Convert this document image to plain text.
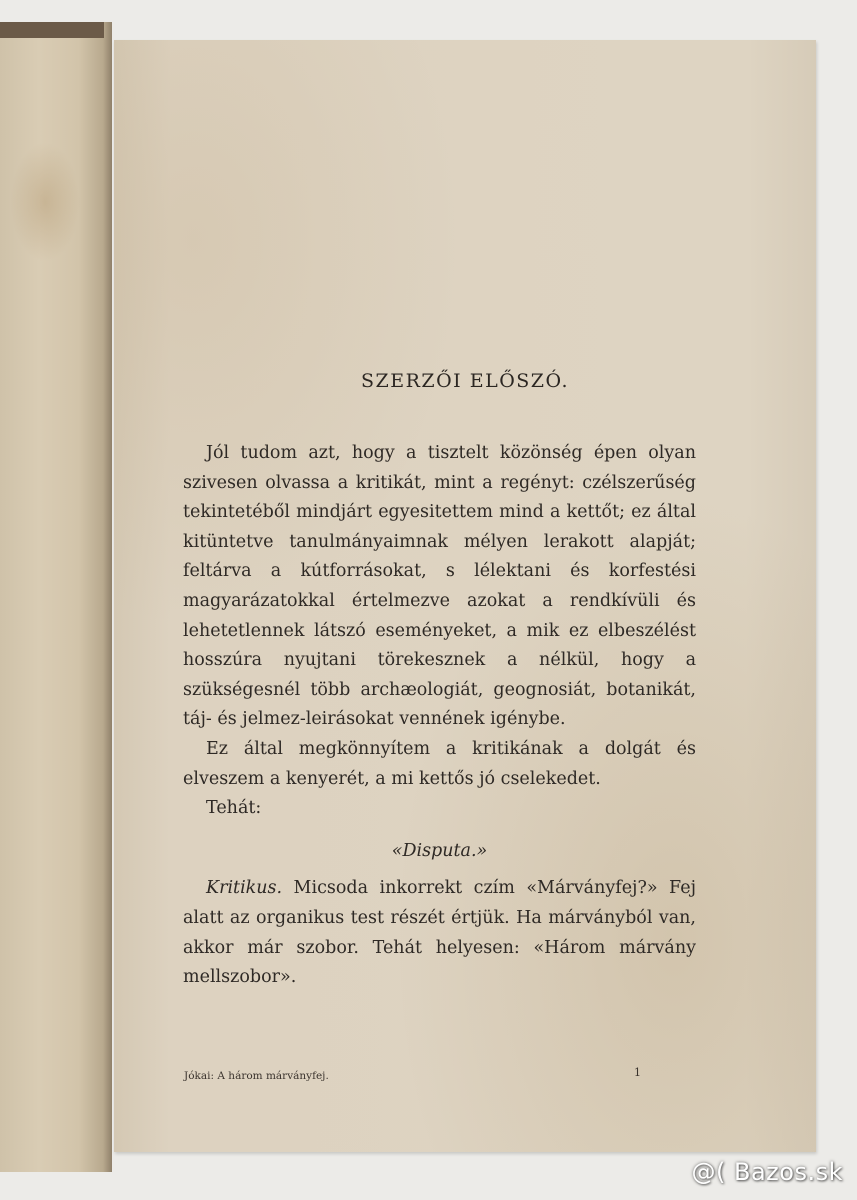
SZERZŐI ELŐSZÓ.

Jól tudom azt, hogy a tisztelt közönség épen olyan szivesen olvassa a kritikát, mint a regényt: czélszerűség tekintetéből mindjárt egyesitettem mind a kettőt; ez által kitüntetve tanulmányaimnak mélyen lerakott alapját; feltárva a kútforrásokat, s lélektani és korfestési magyarázatokkal értelmezve azokat a rendkívüli és lehetetlennek látszó eseményeket, a mik ez elbeszélést hosszúra nyujtani törekesznek a nélkül, hogy a szükségesnél több archæologiát, geognosiát, botanikát, táj- és jelmez-leirásokat vennének igénybe.

Ez által megkönnyítem a kritikának a dolgát és elveszem a kenyerét, a mi kettős jó cselekedet.

Tehát:

«Disputa.»

Kritikus. Micsoda inkorrekt czím «Márványfej?» Fej alatt az organikus test részét értjük. Ha márványból van, akkor már szobor. Tehát helyesen: «Három márvány mellszobor».

Jókai: A három márványfej.	1
@( Bazos.sk
